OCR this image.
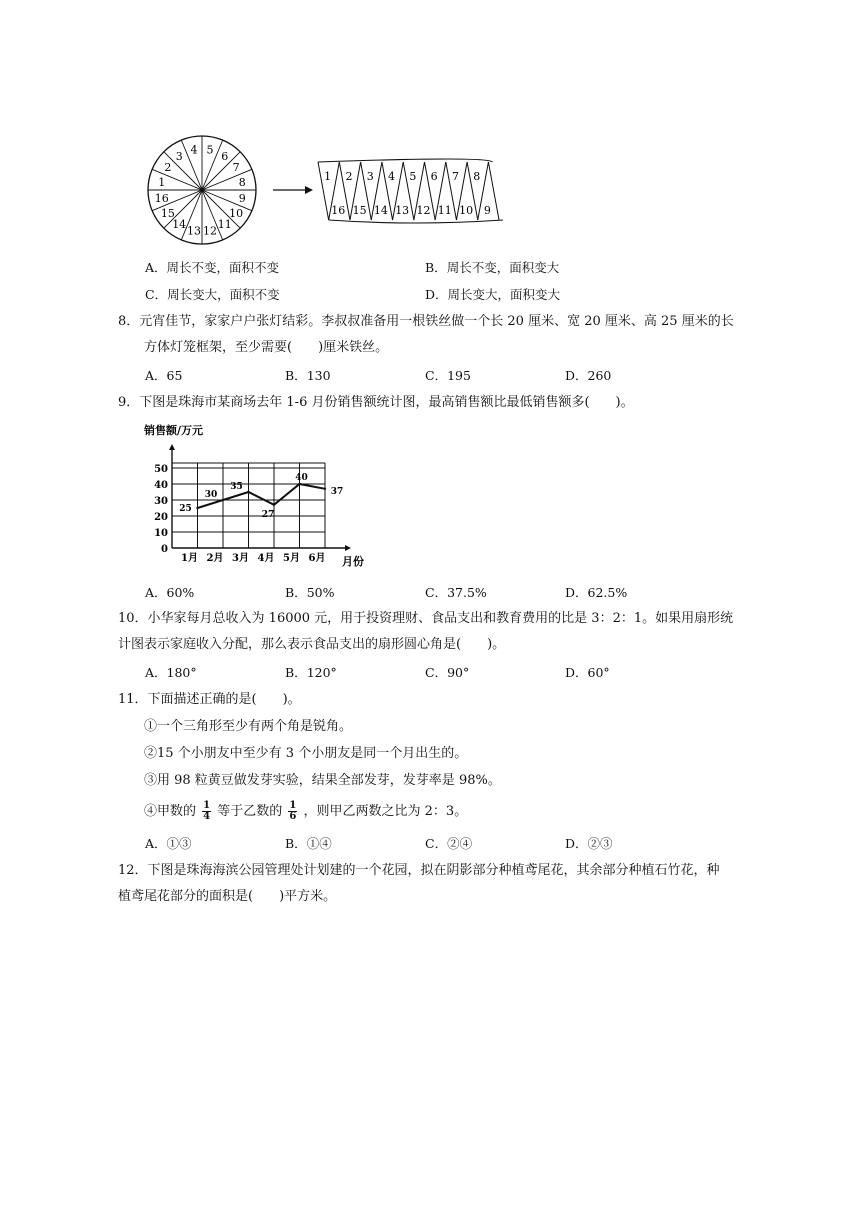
1
2
3 4 5 6
7
8
9
10
11
12
13
14
15
16
1
16
2
15
3
14
4
13
5
12
6
11
7
10
8
9
A．周长不变，面积不变	B．周长不变，面积变大
C．周长变大，面积不变	D．周长变大，面积变大
8．元宵佳节，家家户户张灯结彩。李叔叔准备用一根铁丝做一个长 20 厘米、宽 20 厘米、高 25 厘米的长
方体灯笼框架，至少需要(　　)厘米铁丝。
A．65	B．130	C．195	D．260
9．下图是珠海市某商场去年 1-6 月份销售额统计图，最高销售额比最低销售额多(　　)。
销售额/万元
0
10
20
30
40
50
1月 2月 3月 4月 5月 6月
25
30
35
27
40
37
月份
A．60%	B．50%	C．37.5%	D．62.5%
10．小华家每月总收入为 16000 元，用于投资理财、食品支出和教育费用的比是 3：2：1。如果用扇形统
计图表示家庭收入分配，那么表示食品支出的扇形圆心角是(　　)。
A．180°	B．120°	C．90°	D．60°
11．下面描述正确的是(　　)。
①一个三角形至少有两个角是锐角。
②15 个小朋友中至少有 3 个小朋友是同一个月出生的。
③用 98 粒黄豆做发芽实验，结果全部发芽，发芽率是 98%。
④甲数的 $\frac{1}{4}$ 等于乙数的 $\frac{1}{6}$ ，则甲乙两数之比为 2：3。
A．①③	B．①④	C．②④	D．②③
12．下图是珠海海滨公园管理处计划建的一个花园，拟在阴影部分种植鸢尾花，其余部分种植石竹花，种
植鸢尾花部分的面积是(　　)平方米。
